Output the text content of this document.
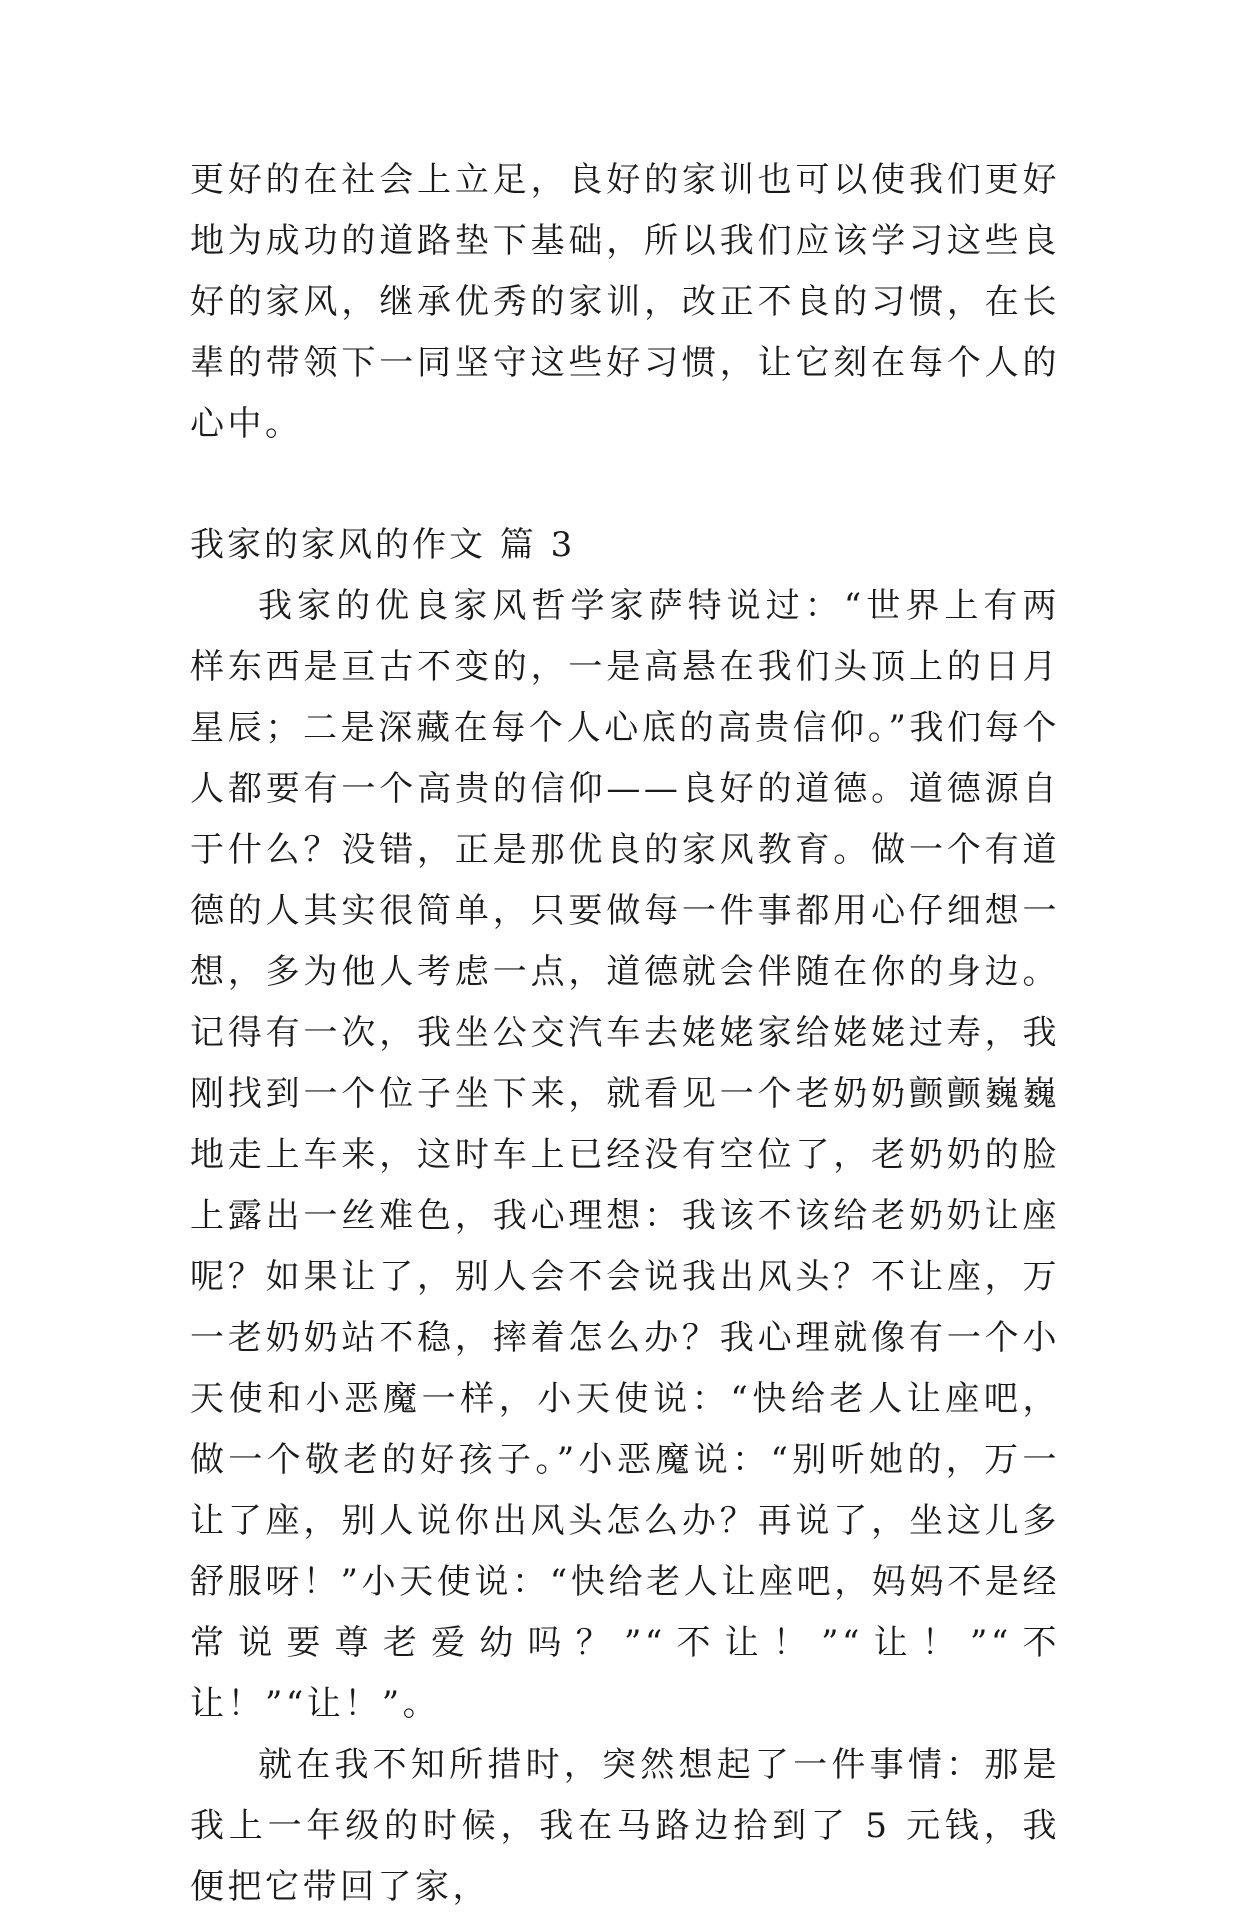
更好的在社会上立足，良好的家训也可以使我们更好地为成功的道路垫下基础，所以我们应该学习这些良好的家风，继承优秀的家训，改正不良的习惯，在长辈的带领下一同坚守这些好习惯，让它刻在每个人的心中。

我家的家风的作文 篇 3

我家的优良家风哲学家萨特说过：“世界上有两样东西是亘古不变的，一是高悬在我们头顶上的日月星辰；二是深藏在每个人心底的高贵信仰。”我们每个人都要有一个高贵的信仰——良好的道德。道德源自于什么？没错，正是那优良的家风教育。做一个有道德的人其实很简单，只要做每一件事都用心仔细想一想，多为他人考虑一点，道德就会伴随在你的身边。记得有一次，我坐公交汽车去姥姥家给姥姥过寿，我刚找到一个位子坐下来，就看见一个老奶奶颤颤巍巍地走上车来，这时车上已经没有空位了，老奶奶的脸上露出一丝难色，我心理想：我该不该给老奶奶让座呢？如果让了，别人会不会说我出风头？不让座，万一老奶奶站不稳，摔着怎么办？我心理就像有一个小天使和小恶魔一样，小天使说：“快给老人让座吧，做一个敬老的好孩子。”小恶魔说：“别听她的，万一让了座，别人说你出风头怎么办？再说了，坐这儿多舒服呀！”小天使说：“快给老人让座吧，妈妈不是经常说要尊老爱幼吗？”“不让！”“让！”“不让！”“让！”。

就在我不知所措时，突然想起了一件事情：那是我上一年级的时候，我在马路边拾到了 5 元钱，我便把它带回了家，
